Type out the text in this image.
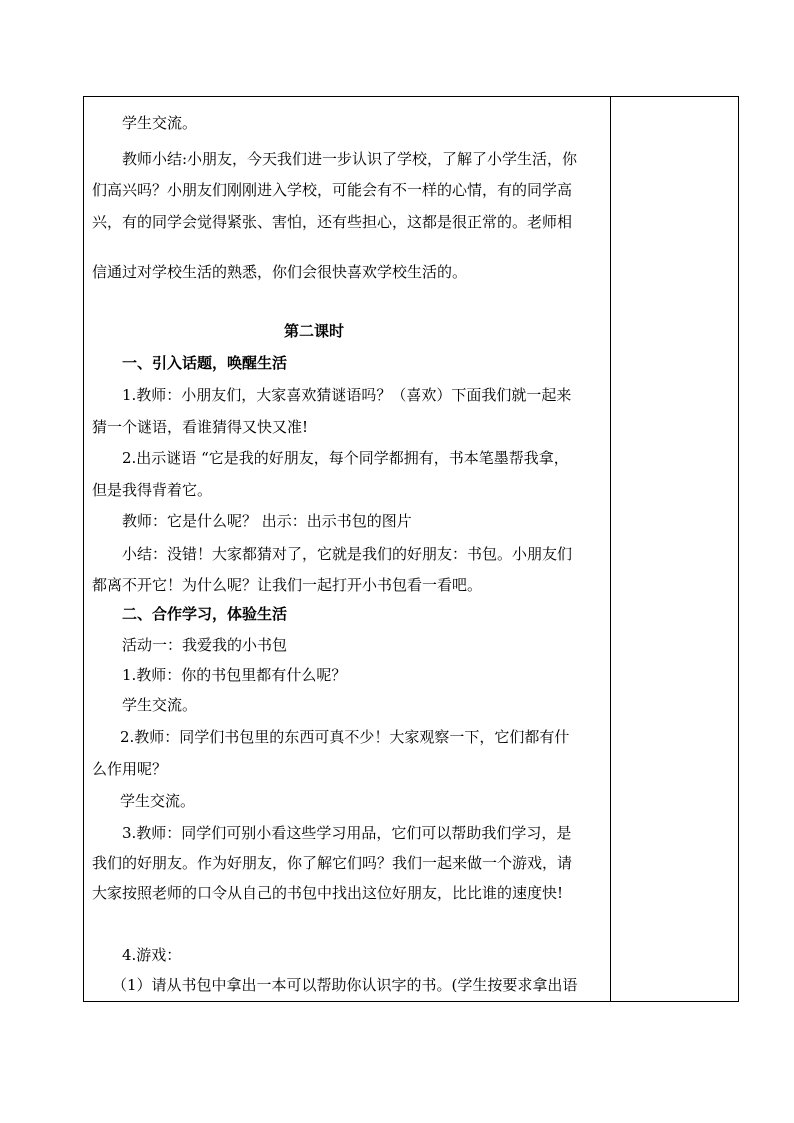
学生交流。
教师小结:小朋友，今天我们进一步认识了学校，了解了小学生活，你
们高兴吗？小朋友们刚刚进入学校，可能会有不一样的心情，有的同学高
兴，有的同学会觉得紧张、害怕，还有些担心，这都是很正常的。老师相
信通过对学校生活的熟悉，你们会很快喜欢学校生活的。
第二课时
一、引入话题，唤醒生活
1.教师：小朋友们，大家喜欢猜谜语吗？（喜欢）下面我们就一起来
猜一个谜语，看谁猜得又快又准!
2.出示谜语 “它是我的好朋友，每个同学都拥有，书本笔墨帮我拿，
但是我得背着它。
教师：它是什么呢？ 出示：出示书包的图片
小结：没错！大家都猜对了，它就是我们的好朋友：书包。小朋友们
都离不开它！为什么呢？让我们一起打开小书包看一看吧。
二、合作学习，体验生活
活动一：我爱我的小书包
1.教师：你的书包里都有什么呢？
学生交流。
2.教师：同学们书包里的东西可真不少！大家观察一下，它们都有什
么作用呢？
学生交流。
3.教师：同学们可别小看这些学习用品，它们可以帮助我们学习，是
我们的好朋友。作为好朋友，你了解它们吗？我们一起来做一个游戏，请
大家按照老师的口令从自己的书包中找出这位好朋友，比比谁的速度快!
4.游戏：
（1）请从书包中拿出一本可以帮助你认识字的书。(学生按要求拿出语
